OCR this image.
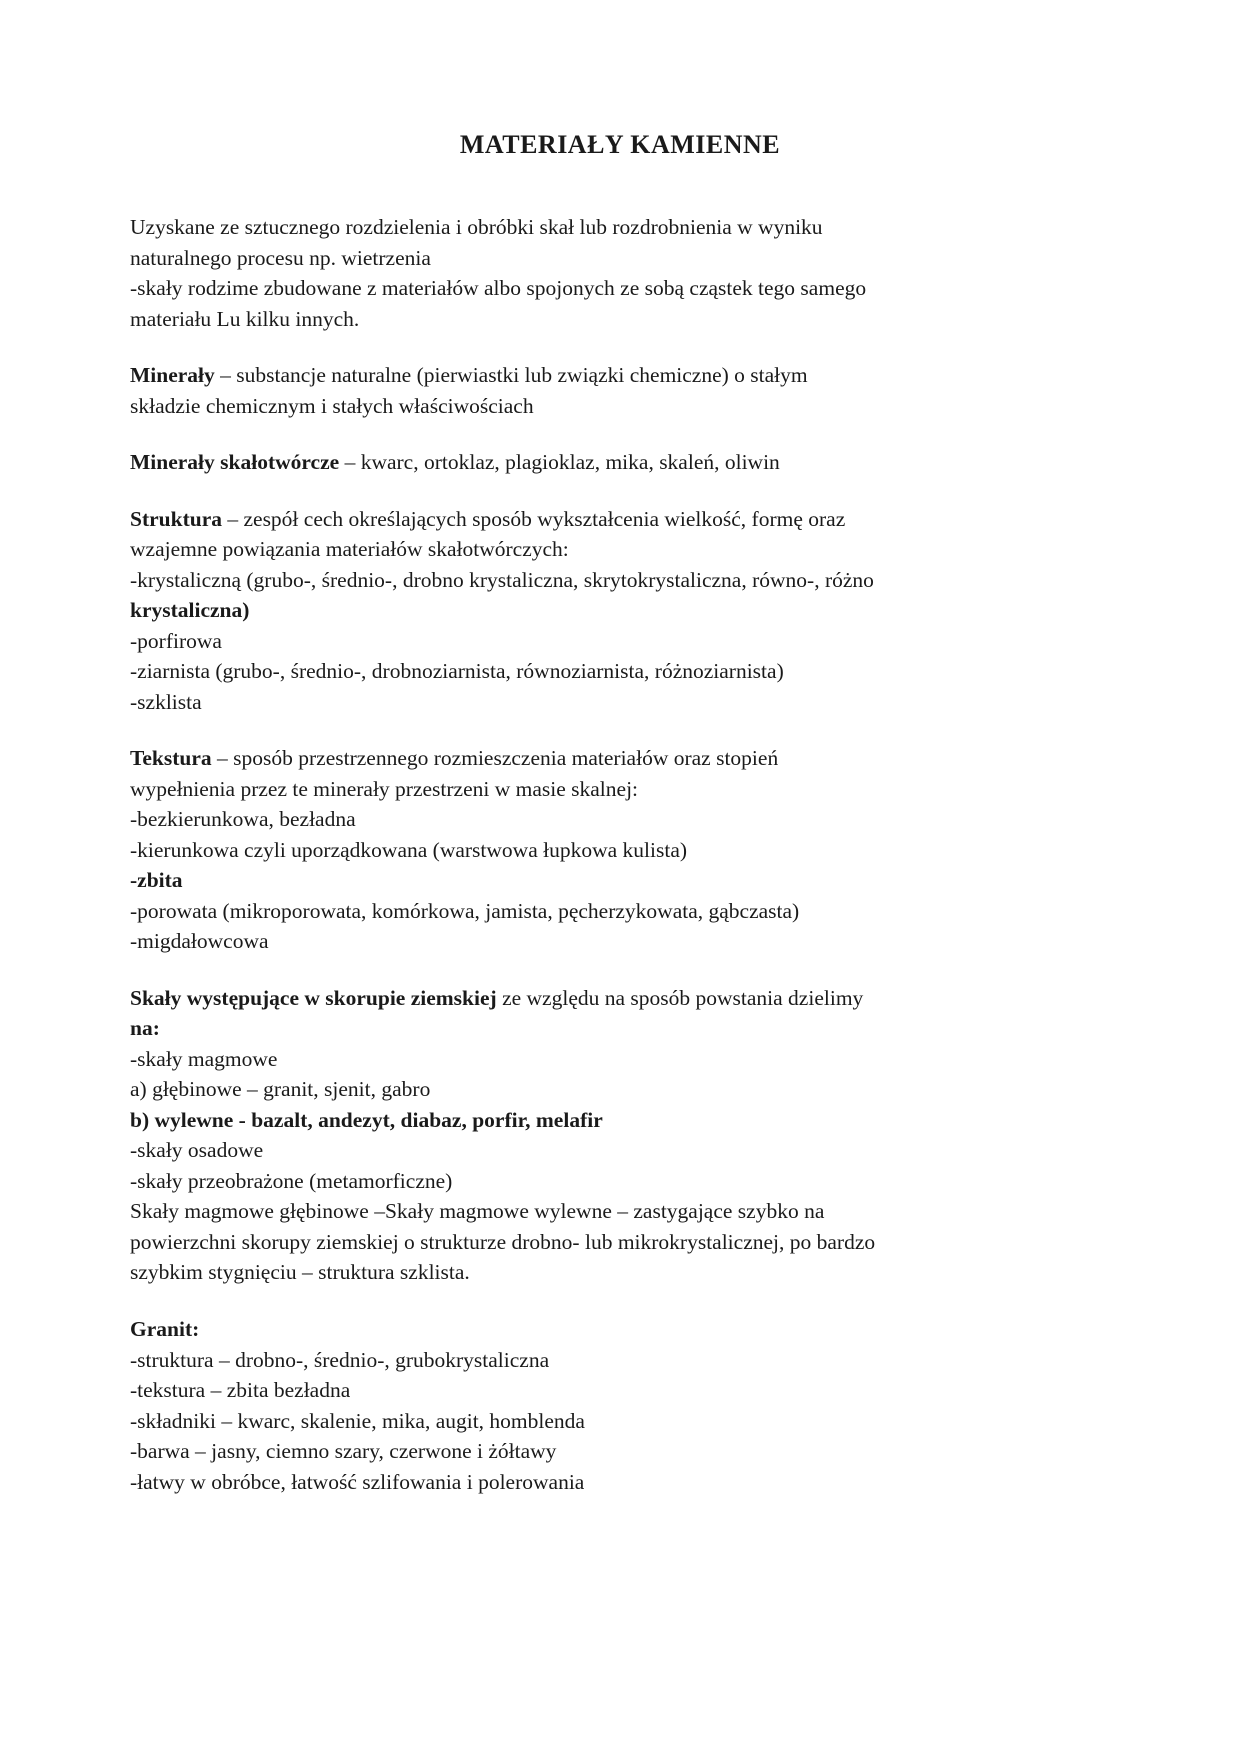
MATERIAŁY KAMIENNE

Uzyskane ze sztucznego rozdzielenia i obróbki skał lub rozdrobnienia w wyniku
naturalnego procesu np. wietrzenia
-skały rodzime zbudowane z materiałów albo spojonych ze sobą cząstek tego samego
materiału Lu kilku innych.

Minerały – substancje naturalne (pierwiastki lub związki chemiczne) o stałym
składzie chemicznym i stałych właściwościach

Minerały skałotwórcze – kwarc, ortoklaz, plagioklaz, mika, skaleń, oliwin

Struktura – zespół cech określających sposób wykształcenia wielkość, formę oraz
wzajemne powiązania materiałów skałotwórczych:
-krystaliczną (grubo-, średnio-, drobno krystaliczna, skrytokrystaliczna, równo-, różno
krystaliczna)
-porfirowa
-ziarnista (grubo-, średnio-, drobnoziarnista, równoziarnista, różnoziarnista)
-szklista

Tekstura – sposób przestrzennego rozmieszczenia materiałów oraz stopień
wypełnienia przez te minerały przestrzeni w masie skalnej:
-bezkierunkowa, bezładna
-kierunkowa czyli uporządkowana (warstwowa łupkowa kulista)
-zbita
-porowata (mikroporowata, komórkowa, jamista, pęcherzykowata, gąbczasta)
-migdałowcowa

Skały występujące w skorupie ziemskiej ze względu na sposób powstania dzielimy
na:
-skały magmowe
a) głębinowe – granit, sjenit, gabro
b) wylewne - bazalt, andezyt, diabaz, porfir, melafir
-skały osadowe
-skały przeobrażone (metamorficzne)
Skały magmowe głębinowe –Skały magmowe wylewne – zastygające szybko na
powierzchni skorupy ziemskiej o strukturze drobno- lub mikrokrystalicznej, po bardzo
szybkim stygnięciu – struktura szklista.

Granit:
-struktura – drobno-, średnio-, grubokrystaliczna
-tekstura – zbita bezładna
-składniki – kwarc, skalenie, mika, augit, homblenda
-barwa – jasny, ciemno szary, czerwone i żółtawy
-łatwy w obróbce, łatwość szlifowania i polerowania
